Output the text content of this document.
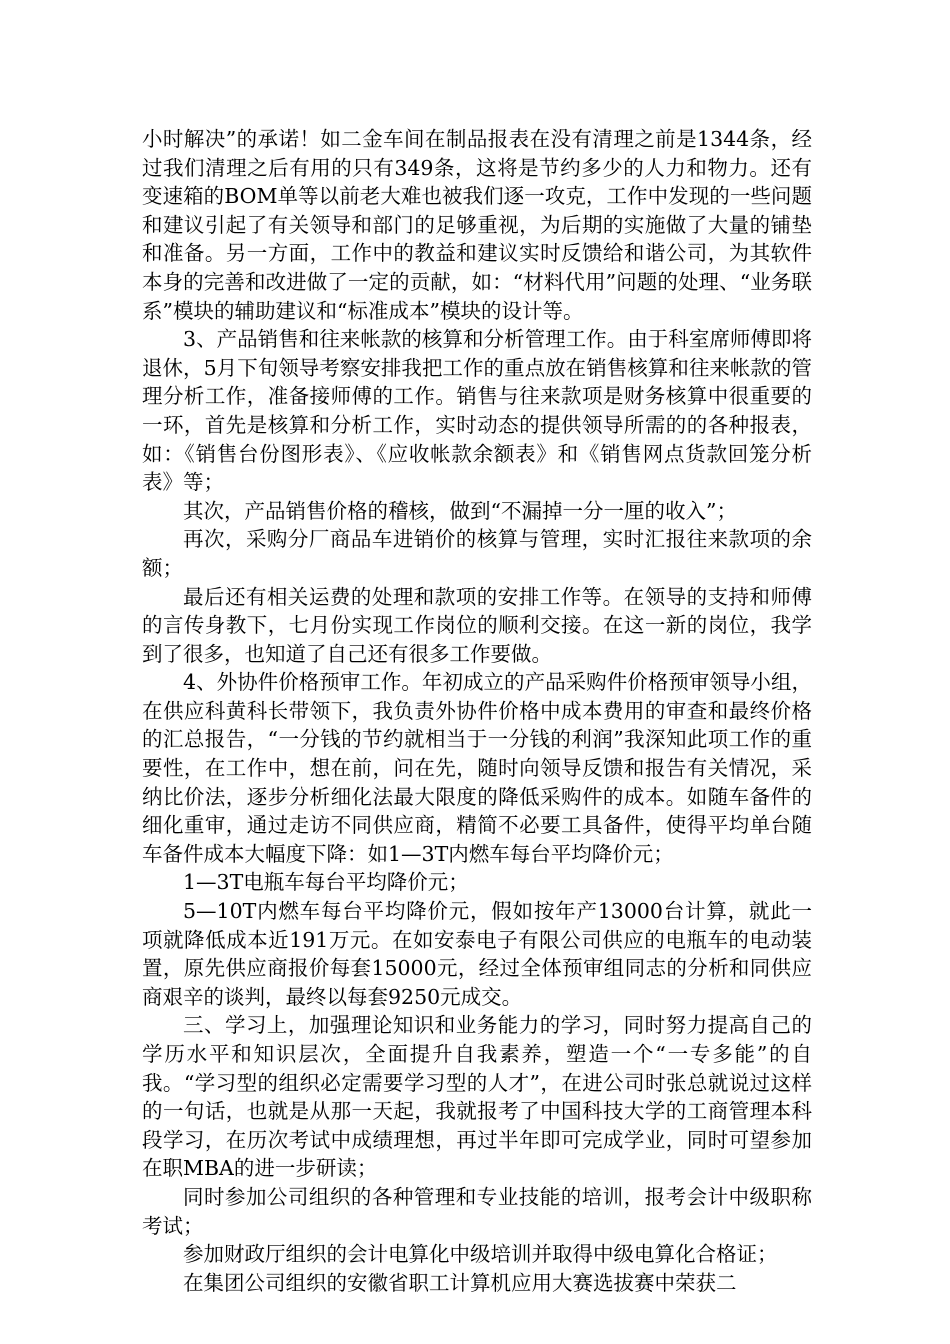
小时解决”的承诺！如二金车间在制品报表在没有清理之前是1344条，经过我们清理之后有用的只有349条，这将是节约多少的人力和物力。还有变速箱的BOM单等以前老大难也被我们逐一攻克，工作中发现的一些问题和建议引起了有关领导和部门的足够重视，为后期的实施做了大量的铺垫和准备。另一方面，工作中的教益和建议实时反馈给和谐公司，为其软件本身的完善和改进做了一定的贡献，如：“材料代用”问题的处理、“业务联系”模块的辅助建议和“标准成本”模块的设计等。

3、产品销售和往来帐款的核算和分析管理工作。由于科室席师傅即将退休，5月下旬领导考察安排我把工作的重点放在销售核算和往来帐款的管理分析工作，准备接师傅的工作。销售与往来款项是财务核算中很重要的一环，首先是核算和分析工作，实时动态的提供领导所需的的各种报表，如：《销售台份图形表》、《应收帐款余额表》和《销售网点货款回笼分析表》等；

其次，产品销售价格的稽核，做到“不漏掉一分一厘的收入”；

再次，采购分厂商品车进销价的核算与管理，实时汇报往来款项的余额；

最后还有相关运费的处理和款项的安排工作等。在领导的支持和师傅的言传身教下，七月份实现工作岗位的顺利交接。在这一新的岗位，我学到了很多，也知道了自己还有很多工作要做。

4、外协件价格预审工作。年初成立的产品采购件价格预审领导小组，在供应科黄科长带领下，我负责外协件价格中成本费用的审查和最终价格的汇总报告，“一分钱的节约就相当于一分钱的利润”我深知此项工作的重要性，在工作中，想在前，问在先，随时向领导反馈和报告有关情况，采纳比价法，逐步分析细化法最大限度的降低采购件的成本。如随车备件的细化重审，通过走访不同供应商，精简不必要工具备件，使得平均单台随车备件成本大幅度下降：如1—3T内燃车每台平均降价元；

1—3T电瓶车每台平均降价元；

5—10T内燃车每台平均降价元，假如按年产13000台计算，就此一项就降低成本近191万元。在如安泰电子有限公司供应的电瓶车的电动装置，原先供应商报价每套15000元，经过全体预审组同志的分析和同供应商艰辛的谈判，最终以每套9250元成交。

三、学习上，加强理论知识和业务能力的学习，同时努力提高自己的学历水平和知识层次，全面提升自我素养，塑造一个“一专多能”的自我。“学习型的组织必定需要学习型的人才”，在进公司时张总就说过这样的一句话，也就是从那一天起，我就报考了中国科技大学的工商管理本科段学习，在历次考试中成绩理想，再过半年即可完成学业，同时可望参加在职MBA的进一步研读；

同时参加公司组织的各种管理和专业技能的培训，报考会计中级职称考试；

参加财政厅组织的会计电算化中级培训并取得中级电算化合格证；

在集团公司组织的安徽省职工计算机应用大赛选拔赛中荣获二
